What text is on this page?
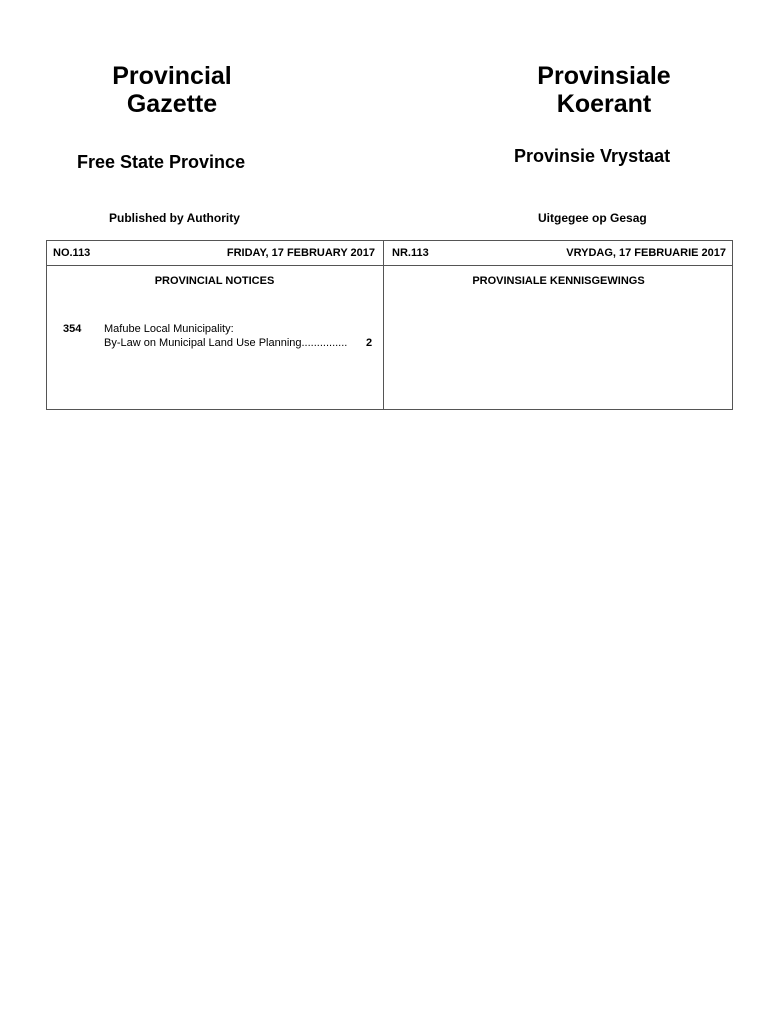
Provincial
Gazette
Free State Province
Published by Authority
Provinsiale
Koerant
Provinsie Vrystaat
Uitgegee op Gesag
NO.113	FRIDAY, 17 FEBRUARY 2017 NR.113	VRYDAG, 17 FEBRUARIE 2017
PROVINCIAL NOTICES	PROVINSIALE KENNISGEWINGS
354 Mafube Local Municipality:
By-Law on Municipal Land Use Planning............... 2
